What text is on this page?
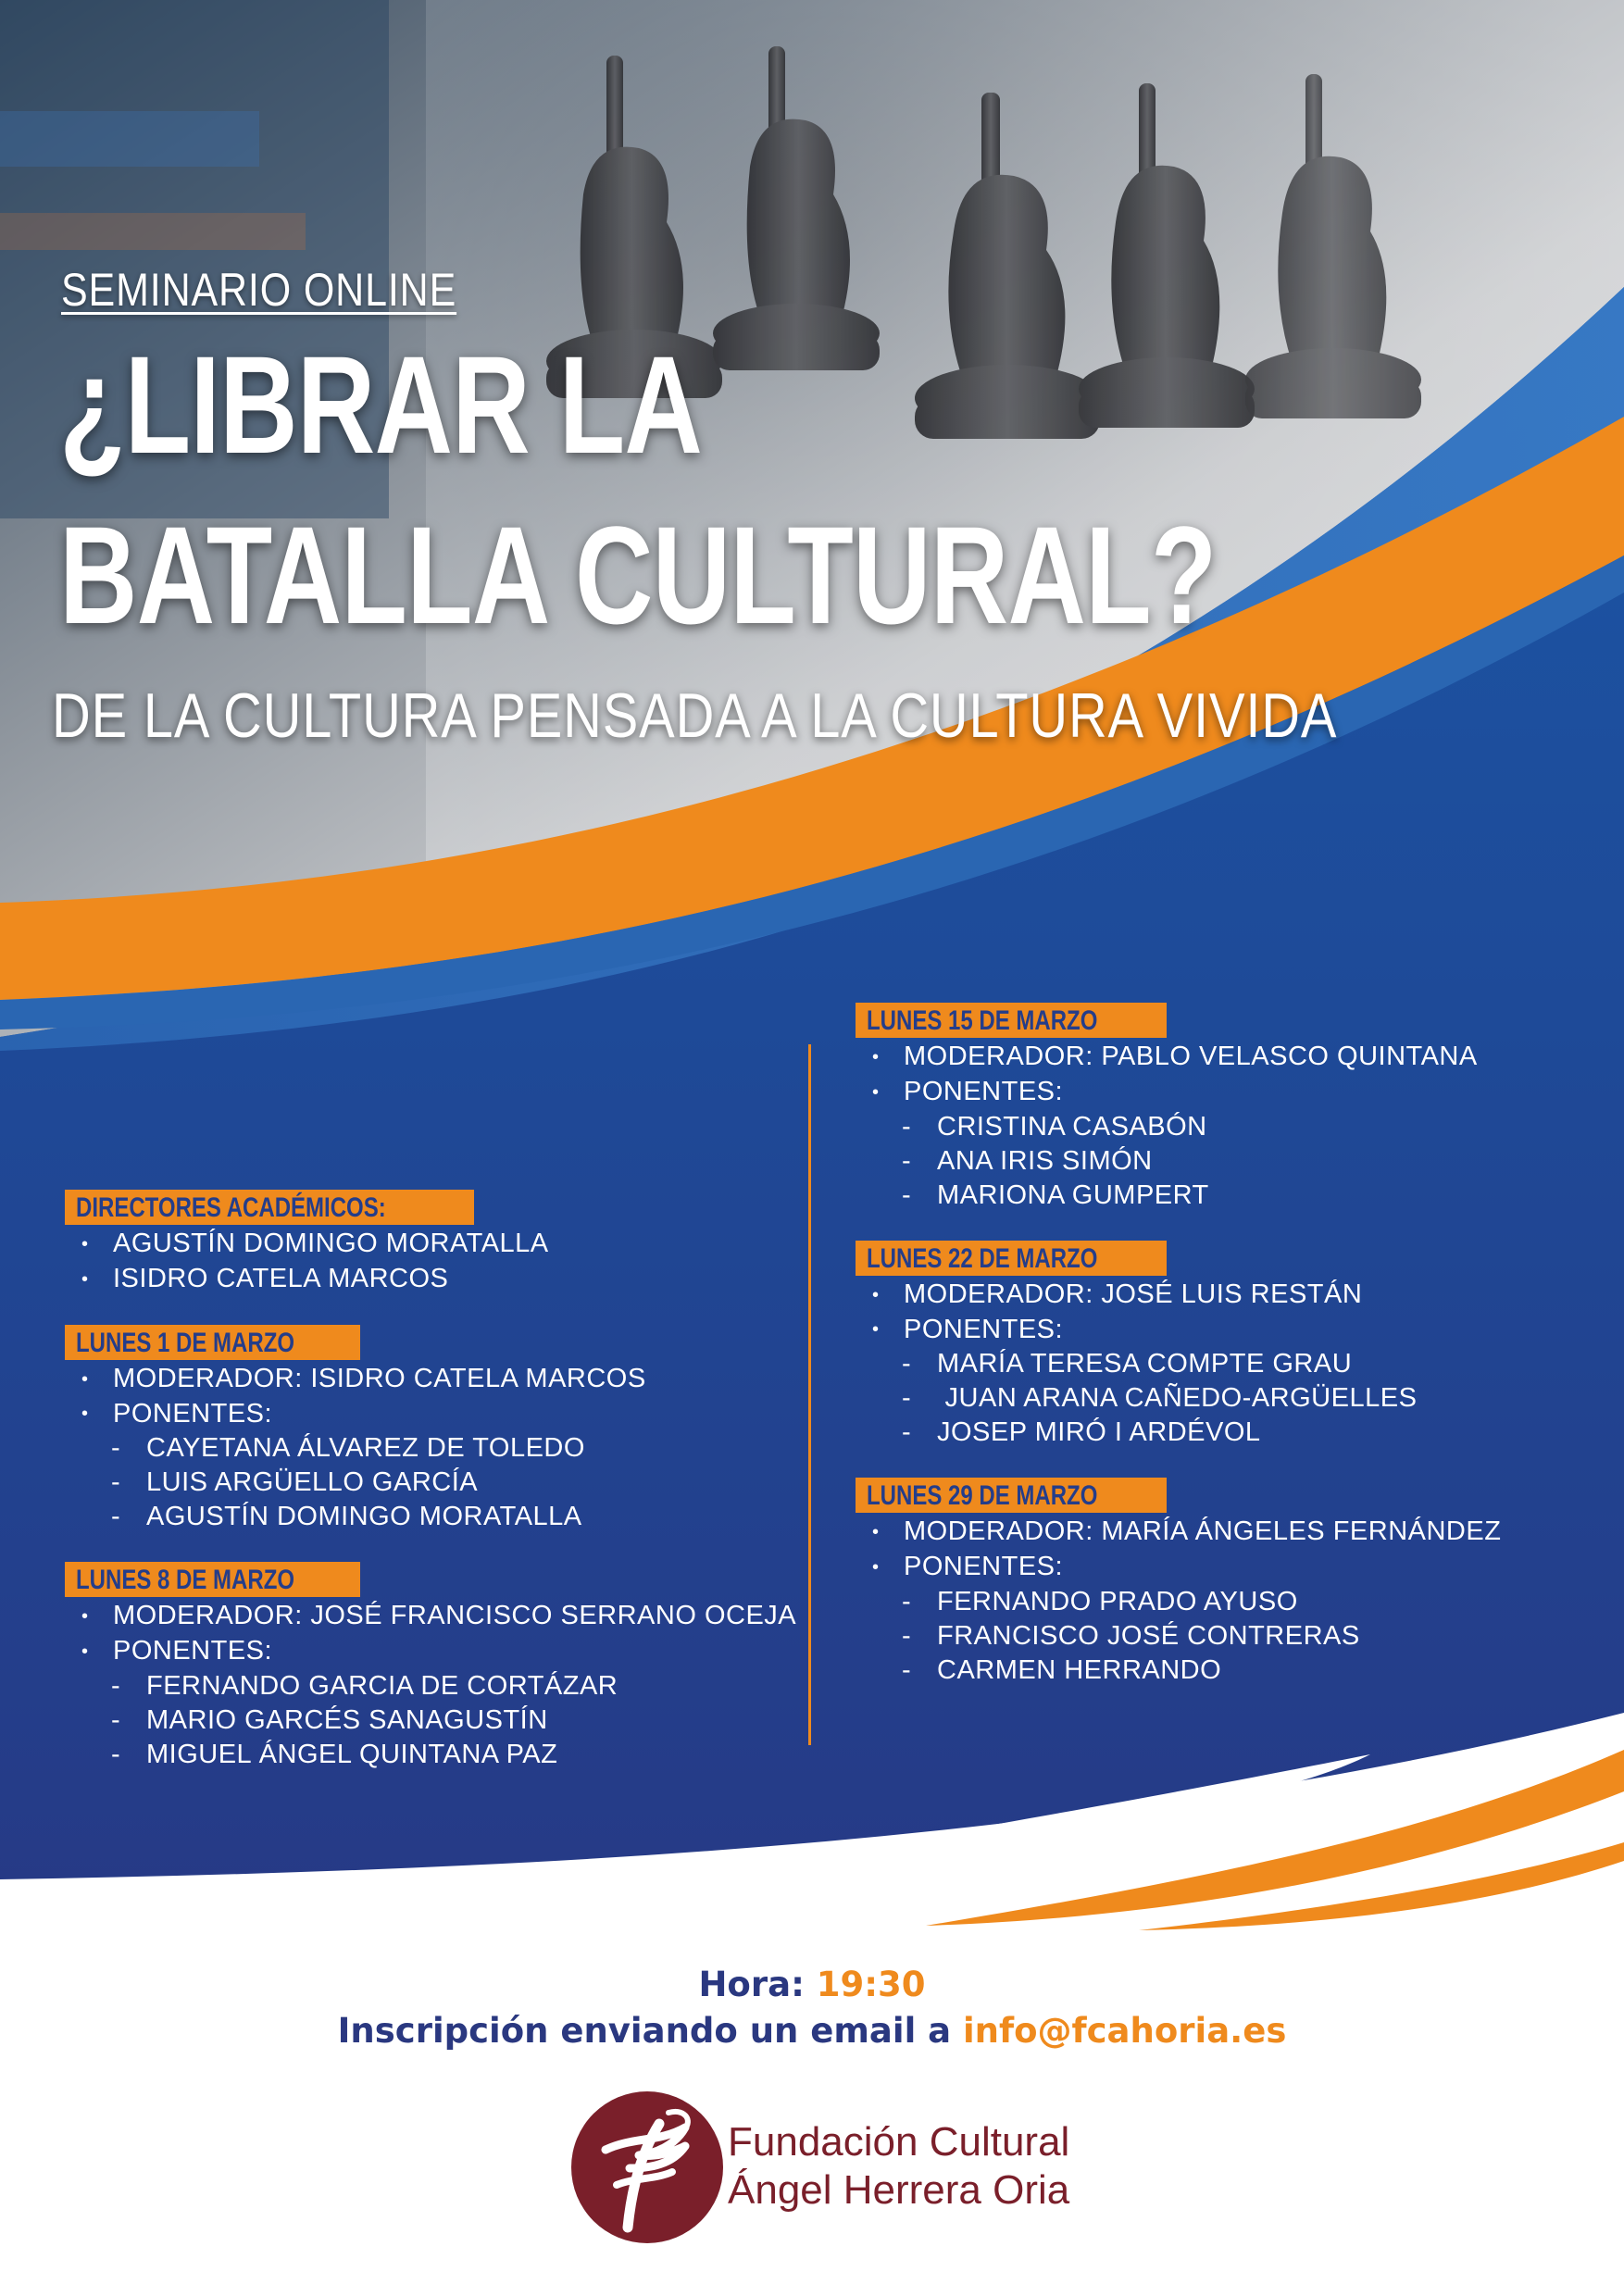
SEMINARIO ONLINE
¿LIBRAR LA
BATALLA CULTURAL?
DE LA CULTURA PENSADA A LA CULTURA VIVIDA
DIRECTORES ACADÉMICOS:
• AGUSTÍN DOMINGO MORATALLA
• ISIDRO CATELA MARCOS
LUNES 1 DE MARZO
• MODERADOR: ISIDRO CATELA MARCOS
• PONENTES:
- CAYETANA ÁLVAREZ DE TOLEDO
- LUIS ARGÜELLO GARCÍA
- AGUSTÍN DOMINGO MORATALLA
LUNES 8 DE MARZO
• MODERADOR: JOSÉ FRANCISCO SERRANO OCEJA
• PONENTES:
- FERNANDO GARCIA DE CORTÁZAR
- MARIO GARCÉS SANAGUSTÍN
- MIGUEL ÁNGEL QUINTANA PAZ
LUNES 15 DE MARZO
• MODERADOR: PABLO VELASCO QUINTANA
• PONENTES:
- CRISTINA CASABÓN
- ANA IRIS SIMÓN
- MARIONA GUMPERT
LUNES 22 DE MARZO
• MODERADOR: JOSÉ LUIS RESTÁN
• PONENTES:
- MARÍA TERESA COMPTE GRAU
- JUAN ARANA CAÑEDO-ARGÜELLES
- JOSEP MIRÓ I ARDÉVOL
LUNES 29 DE MARZO
• MODERADOR: MARÍA ÁNGELES FERNÁNDEZ
• PONENTES:
- FERNANDO PRADO AYUSO
- FRANCISCO JOSÉ CONTRERAS
- CARMEN HERRANDO
Hora: 19:30
Inscripción enviando un email a info@fcahoria.es
Fundación Cultural
Ángel Herrera Oria
